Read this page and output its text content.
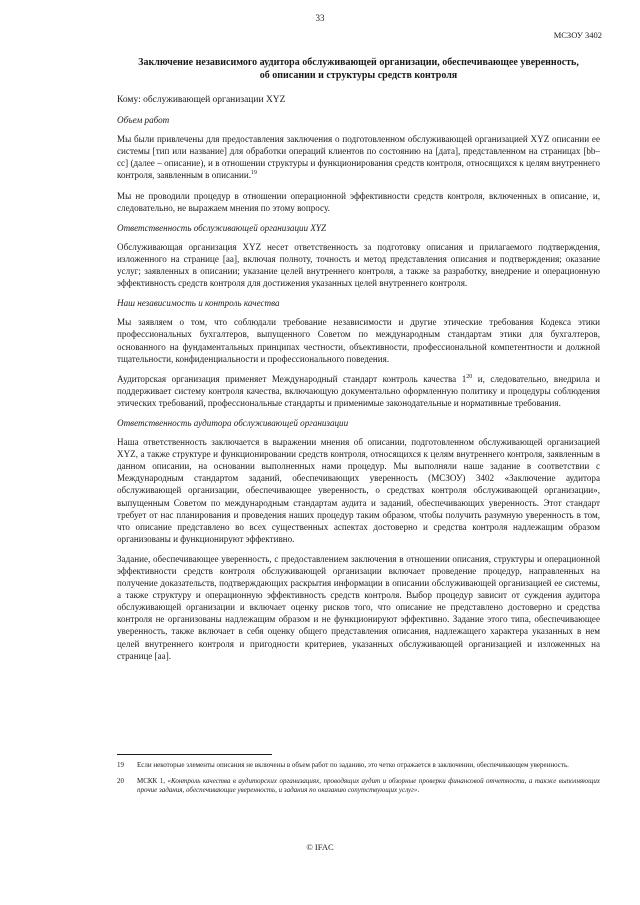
33
МСЗОУ 3402
Заключение независимого аудитора обслуживающей организации, обеспечивающее уверенность,
об описании и структуры средств контроля

Кому: обслуживающей организации XYZ

Объем работ

Мы были привлечены для предоставления заключения о подготовленном обслуживающей организацией XYZ описании ее системы [тип или название] для обработки операций клиентов по состоянию на [дата], представленном на страницах [bb–cc] (далее – описание), и в отношении структуры и функционирования средств контроля, относящихся к целям внутреннего контроля, заявленным в описании.$^{19}$

Мы не проводили процедур в отношении операционной эффективности средств контроля, включенных в описание, и, следовательно, не выражаем мнения по этому вопросу.

Ответственность обслуживающей организации XYZ

Обслуживающая организация XYZ несет ответственность за подготовку описания и прилагаемого подтверждения, изложенного на странице [aa], включая полноту, точность и метод представления описания и подтверждения; оказание услуг; заявленных в описании; указание целей внутреннего контроля, а также за разработку, внедрение и операционную эффективность средств контроля для достижения указанных целей внутреннего контроля.

Наш независимость и контроль качества

Мы заявляем о том, что соблюдали требование независимости и другие этические требования Кодекса этики профессиональных бухгалтеров, выпущенного Советом по международным стандартам этики для бухгалтеров, основанного на фундаментальных принципах честности, объективности, профессиональной компетентности и должной тщательности, конфиденциальности и профессионального поведения.

Аудиторская организация применяет Международный стандарт контроль качества $1^{20}$ и, следовательно, внедрила и поддерживает систему контроля качества, включающую документально оформленную политику и процедуры соблюдения этических требований, профессиональные стандарты и применимые законодательные и нормативные требования.

Ответственность аудитора обслуживающей организации

Наша ответственность заключается в выражении мнения об описании, подготовленном обслуживающей организацией XYZ, а также структуре и функционировании средств контроля, относящихся к целям внутреннего контроля, заявленным в данном описании, на основании выполненных нами процедур. Мы выполняли наше задание в соответствии с Международным стандартом заданий, обеспечивающих уверенность (МСЗОУ) 3402 «Заключение аудитора обслуживающей организации, обеспечивающее уверенность, о средствах контроля обслуживающей организации», выпущенным Советом по международным стандартам аудита и заданий, обеспечивающих уверенность. Этот стандарт требует от нас планирования и проведения наших процедур таким образом, чтобы получить разумную уверенность в том, что описание представлено во всех существенных аспектах достоверно и средства контроля надлежащим образом организованы и функционируют эффективно.

Задание, обеспечивающее уверенность, с предоставлением заключения в отношении описания, структуры и операционной эффективности средств контроля обслуживающей организации включает проведение процедур, направленных на получение доказательств, подтверждающих раскрытия информации в описании обслуживающей организацией ее системы, а также структуру и операционную эффективность средств контроля. Выбор процедур зависит от суждения аудитора обслуживающей организации и включает оценку рисков того, что описание не представлено достоверно и средства контроля не организованы надлежащим образом и не функционируют эффективно. Задание этого типа, обеспечивающее уверенность, также включает в себя оценку общего представления описания, надлежащего характера указанных в нем целей внутреннего контроля и пригодности критериев, указанных обслуживающей организацией и изложенных на странице [aa].

19	Если некоторые элементы описания не включены в объем работ по заданию, это четко отражается в заключении, обеспечивающем уверенность.
20	МСКК 1, «Контроль качества в аудиторских организациях, проводящих аудит и обзорные проверки финансовой отчетности, а также выполняющих прочие задания, обеспечивающие уверенность, и задания по оказанию сопутствующих услуг».
© IFAC
